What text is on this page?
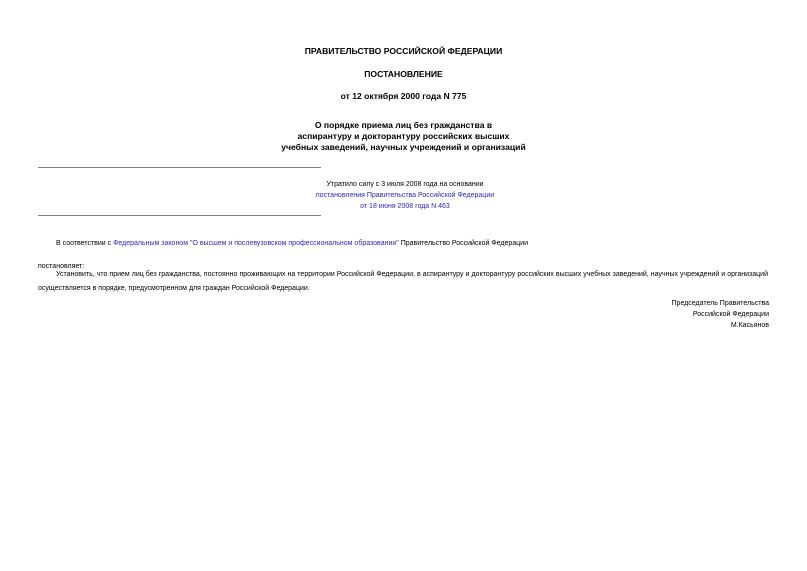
ПРАВИТЕЛЬСТВО РОССИЙСКОЙ ФЕДЕРАЦИИ
ПОСТАНОВЛЕНИЕ
от 12 октября 2000 года N 775
О порядке приема лиц без гражданства в
аспирантуру и докторантуру российских высших
учебных заведений, научных учреждений и организаций
Утратило силу с 3 июля 2008 года на основании
постановления Правительства Российской Федерации
от 18 июня 2008 года N 463
В соответствии с Федеральным законом "О высшем и послевузовском профессиональном образовании" Правительство Российской Федерации
постановляет:
Установить, что прием лиц без гражданства, постоянно проживающих на территории Российской Федерации, в аспирантуру и докторантуру российских высших учебных заведений, научных учреждений и организаций осуществляется в порядке, предусмотренном для граждан Российской Федерации.
Председатель Правительства
Российской Федерации
М.Касьянов
